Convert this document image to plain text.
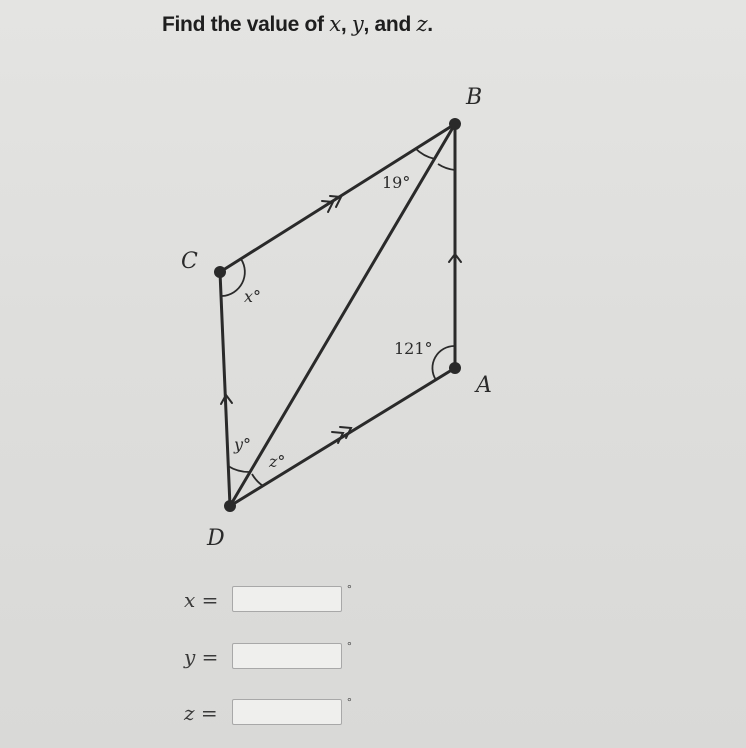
Find the value of x, y, and z.
B
C
A
D
19°
121°
x°
y°
z°
x =	°
y =	°
z =	°
